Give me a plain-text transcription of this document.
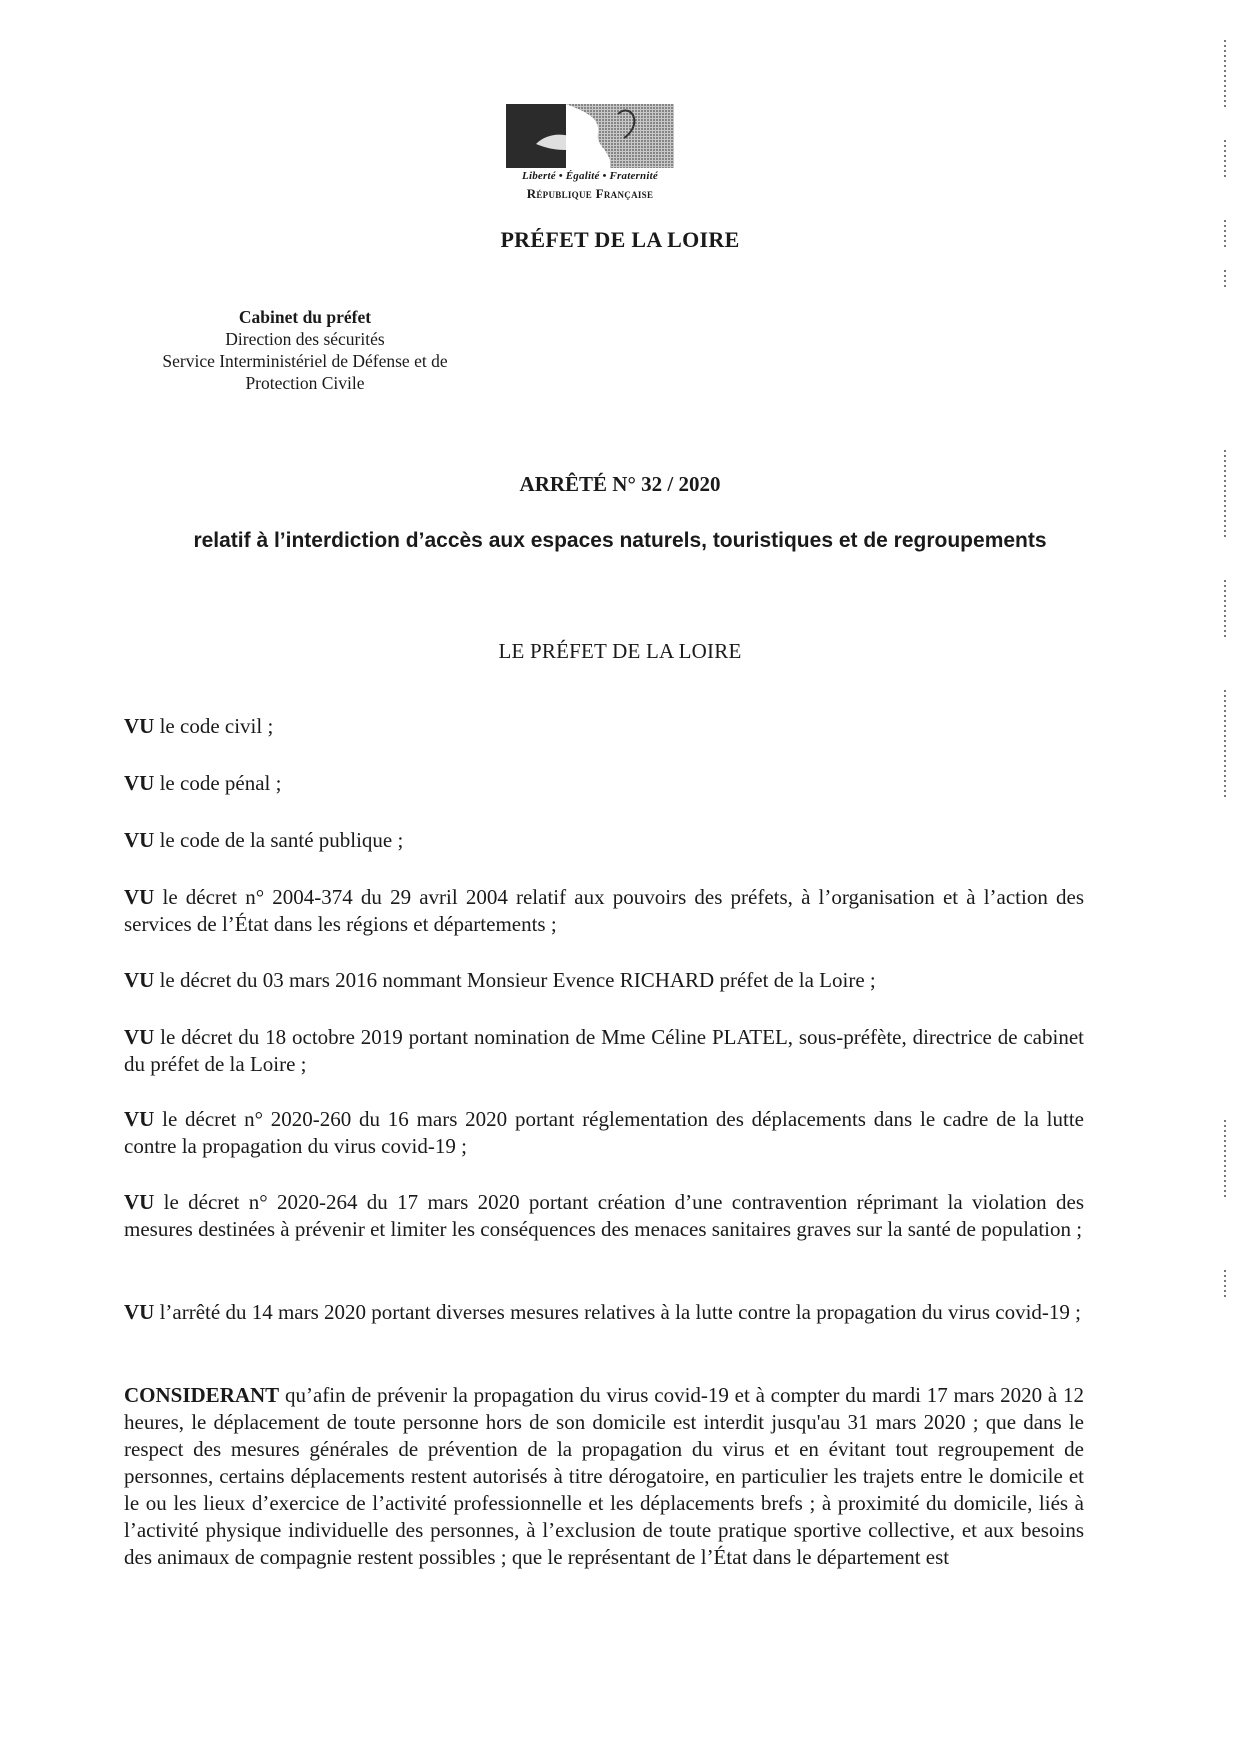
Liberté • Égalité • Fraternité
République Française
PRÉFET DE LA LOIRE
Cabinet du préfet
Direction des sécurités
Service Interministériel de Défense et de
Protection Civile
ARRÊTÉ N° 32 / 2020
relatif à l’interdiction d’accès aux espaces naturels, touristiques et de regroupements
LE PRÉFET DE LA LOIRE
VU le code civil ;
VU le code pénal ;
VU le code de la santé publique ;
VU le décret n° 2004-374 du 29 avril 2004 relatif aux pouvoirs des préfets, à l’organisation et à l’action des services de l’État dans les régions et départements ;
VU le décret du 03 mars 2016 nommant Monsieur Evence RICHARD préfet de la Loire ;
VU le décret du 18 octobre 2019 portant nomination de Mme Céline PLATEL, sous-préfète, directrice de cabinet du préfet de la Loire ;
VU le décret n° 2020-260 du 16 mars 2020 portant réglementation des déplacements dans le cadre de la lutte contre la propagation du virus covid-19 ;
VU le décret n° 2020-264 du 17 mars 2020 portant création d’une contravention réprimant la violation des mesures destinées à prévenir et limiter les conséquences des menaces sanitaires graves sur la santé de population ;
VU l’arrêté du 14 mars 2020 portant diverses mesures relatives à la lutte contre la propagation du virus covid-19 ;
CONSIDERANT qu’afin de prévenir la propagation du virus covid-19 et à compter du mardi 17 mars 2020 à 12 heures, le déplacement de toute personne hors de son domicile est interdit jusqu'au 31 mars 2020 ; que dans le respect des mesures générales de prévention de la propagation du virus et en évitant tout regroupement de personnes, certains déplacements restent autorisés à titre dérogatoire, en particulier les trajets entre le domicile et le ou les lieux d’exercice de l’activité professionnelle et les déplacements brefs ; à proximité du domicile, liés à l’activité physique individuelle des personnes, à l’exclusion de toute pratique sportive collective, et aux besoins des animaux de compagnie restent possibles ; que le représentant de l’État dans le département est
